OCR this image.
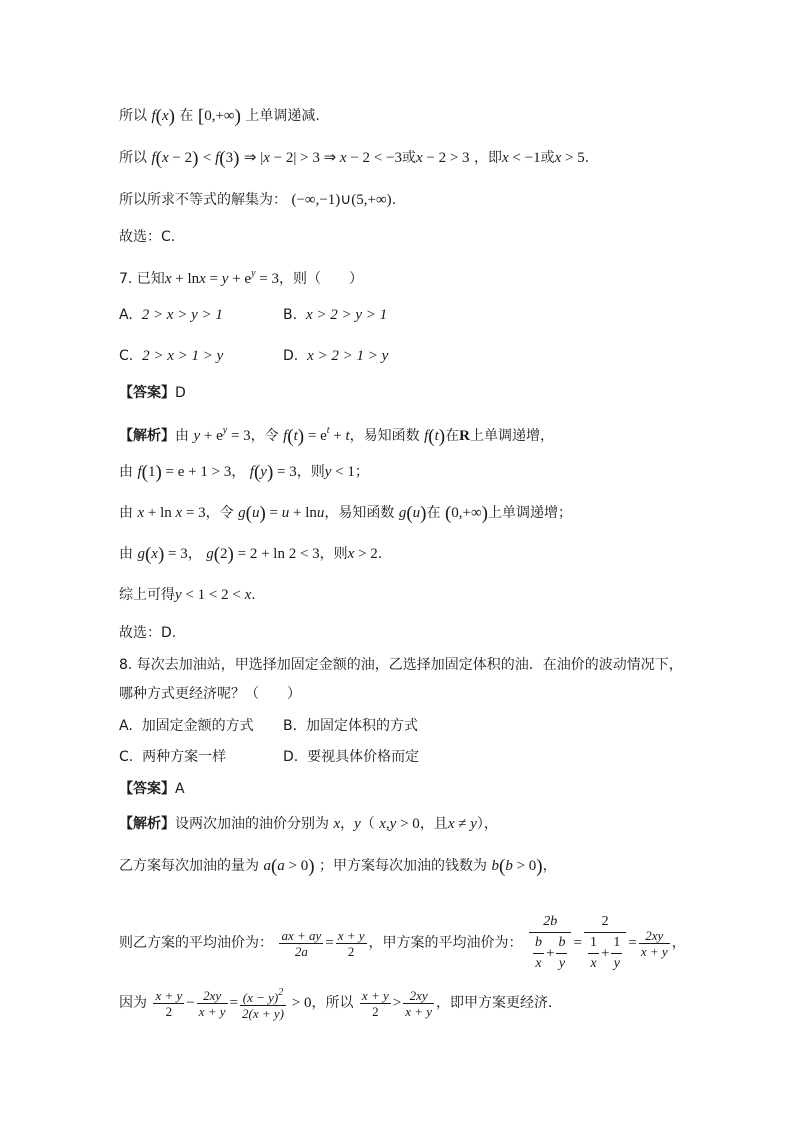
所以 f(x) 在 [0,+∞) 上单调递减.
所以 f(x − 2) < f(3) ⇒ |x − 2| > 3 ⇒ x − 2 < −3或x − 2 > 3 ，即x < −1或x > 5.
所以所求不等式的解集为： (−∞,−1)∪(5,+∞).
故选：C.
7. 已知$x + \ln x = y + e^y = 3$，则（　　）
A. 2 > x > y > 1	B. x > 2 > y > 1
C. 2 > x > 1 > y	D. x > 2 > 1 > y
【答案】D
【解析】由 $y + e^y = 3$，令 $f(t) = e^t + t$，易知函数 f(t)在R上单调递增，
由 f(1) = e + 1 > 3， f(y) = 3，则y < 1；
由 x + ln x = 3，令 g(u) = u + lnu，易知函数 g(u)在 (0,+∞)上单调递增；
由 g(x) = 3， g(2) = 2 + ln 2 < 3，则x > 2.
综上可得y < 1 < 2 < x.
故选：D.
8. 每次去加油站，甲选择加固定金额的油，乙选择加固定体积的油．在油价的波动情况下，
哪种方式更经济呢？（　　）
A. 加固定金额的方式 B. 加固定体积的方式
C. 两种方案一样	D. 要视具体价格而定
【答案】A
【解析】设两次加油的油价分别为 x，y（ x,y > 0，且x ≠ y），
乙方案每次加油的量为 a(a > 0) ；甲方案每次加油的钱数为 b(b > 0)，
则乙方案的平均油价为： $\frac{ax + ay}{2a} = \frac{x + y}{2}$ ，甲方案的平均油价为： $\frac{2b}{\frac{b}{x} + \frac{b}{y}} = \frac{2}{\frac{1}{x} + \frac{1}{y}} = \frac{2xy}{x + y}$ ，
因为 $\frac{x + y}{2} - \frac{2xy}{x + y} = \frac{(x - y)^2}{2(x + y)} > 0$，所以 $\frac{x + y}{2} > \frac{2xy}{x + y}$ ，即甲方案更经济．
